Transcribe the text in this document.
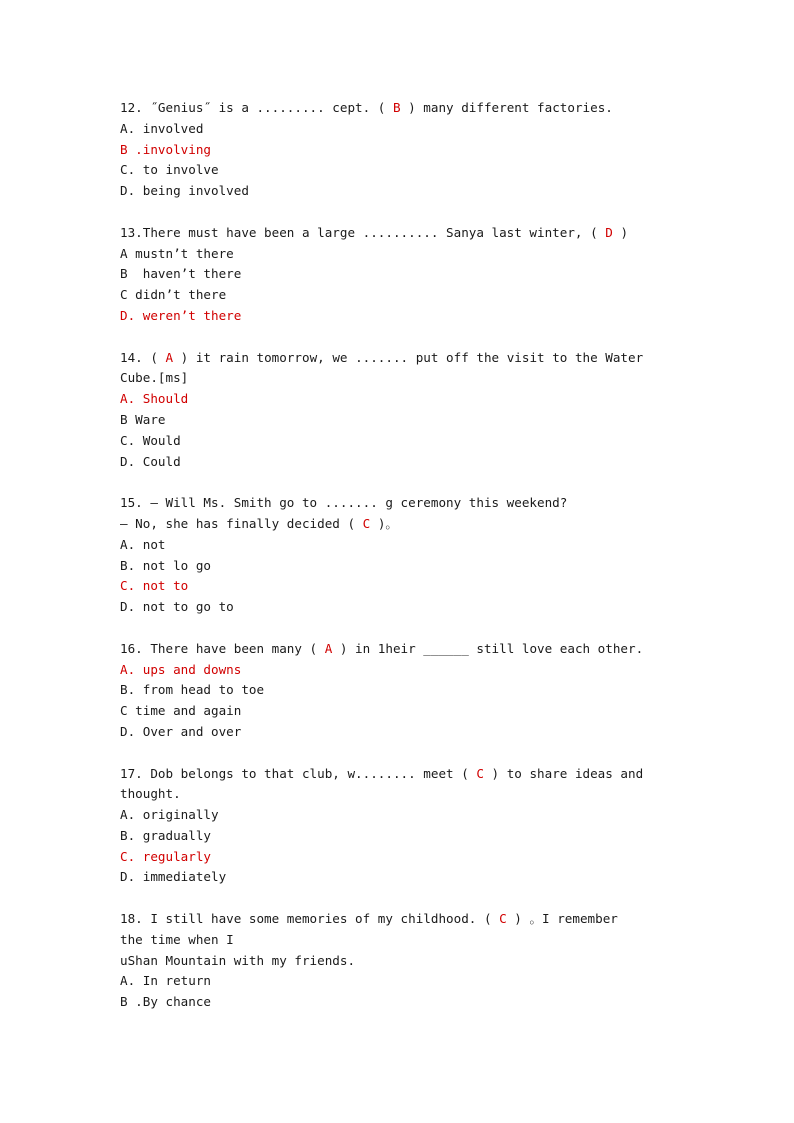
12. ˝Genius˝ is a ......... cept. ( B ) many different factories.
A. involved
B .involving
C. to involve
D. being involved
13.There must have been a large .......... Sanya last winter, ( D )
A mustn’t there
B  haven’t there
C didn’t there
D. weren’t there
14. ( A ) it rain tomorrow, we ....... put off the visit to the Water
Cube.[ms]
A. Should
B Ware
C. Would
D. Could
15. — Will Ms. Smith go to ....... g ceremony this weekend?
— No, she has finally decided ( C )。
A. not
B. not lo go
C. not to
D. not to go to
16. There have been many ( A ) in 1heir ______ still love each other.
A. ups and downs
B. from head to toe
C time and again
D. Over and over
17. Dob belongs to that club, w........ meet ( C ) to share ideas and
thought.
A. originally
B. gradually
C. regularly
D. immediately
18. I still have some memories of my childhood. ( C ) 。I remember
the time when I
uShan Mountain with my friends.
A. In return
B .By chance
